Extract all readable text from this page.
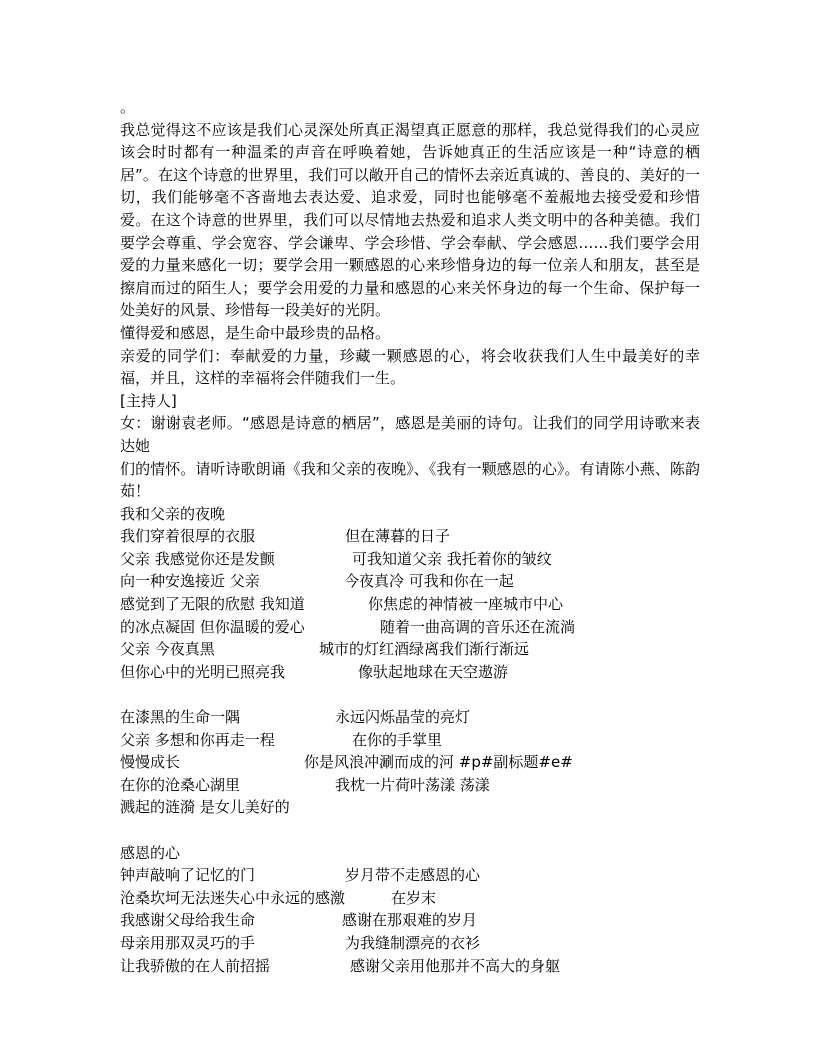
。

我总觉得这不应该是我们心灵深处所真正渴望真正愿意的那样，我总觉得我们的心灵应该会时时都有一种温柔的声音在呼唤着她，告诉她真正的生活应该是一种“诗意的栖居”。在这个诗意的世界里，我们可以敞开自己的情怀去亲近真诚的、善良的、美好的一切，我们能够毫不吝啬地去表达爱、追求爱，同时也能够毫不羞赧地去接受爱和珍惜爱。在这个诗意的世界里，我们可以尽情地去热爱和追求人类文明中的各种美德。我们要学会尊重、学会宽容、学会谦卑、学会珍惜、学会奉献、学会感恩……我们要学会用爱的力量来感化一切；要学会用一颗感恩的心来珍惜身边的每一位亲人和朋友，甚至是擦肩而过的陌生人；要学会用爱的力量和感恩的心来关怀身边的每一个生命、保护每一处美好的风景、珍惜每一段美好的光阴。

懂得爱和感恩，是生命中最珍贵的品格。

亲爱的同学们：奉献爱的力量，珍藏一颗感恩的心，将会收获我们人生中最美好的幸福，并且，这样的幸福将会伴随我们一生。

[主持人]

女：谢谢袁老师。“感恩是诗意的栖居”，感恩是美丽的诗句。让我们的同学用诗歌来表达她

们的情怀。请听诗歌朗诵《我和父亲的夜晚》、《我有一颗感恩的心》。有请陈小燕、陈韵茹！

我和父亲的夜晚

我们穿着很厚的衣服	但在薄暮的日子
父亲 我感觉你还是发颤	可我知道父亲 我托着你的皱纹
向一种安逸接近 父亲	今夜真冷 可我和你在一起
感觉到了无限的欣慰 我知道	你焦虑的神情被一座城市中心
的冰点凝固 但你温暖的爱心	随着一曲高调的音乐还在流淌
父亲 今夜真黑	城市的灯红酒绿离我们渐行渐远
但你心中的光明已照亮我	像驮起地球在天空遨游
在漆黑的生命一隅	永远闪烁晶莹的亮灯
父亲 多想和你再走一程	在你的手掌里
慢慢成长	你是风浪冲涮而成的河 #p#副标题#e#
在你的沧桑心湖里	我枕一片荷叶荡漾 荡漾
溅起的涟漪 是女儿美好的

感恩的心

钟声敲响了记忆的门	岁月带不走感恩的心
沧桑坎坷无法迷失心中永远的感激	在岁末
我感谢父母给我生命	感谢在那艰难的岁月
母亲用那双灵巧的手	为我缝制漂亮的衣衫
让我骄傲的在人前招摇	感谢父亲用他那并不高大的身躯
